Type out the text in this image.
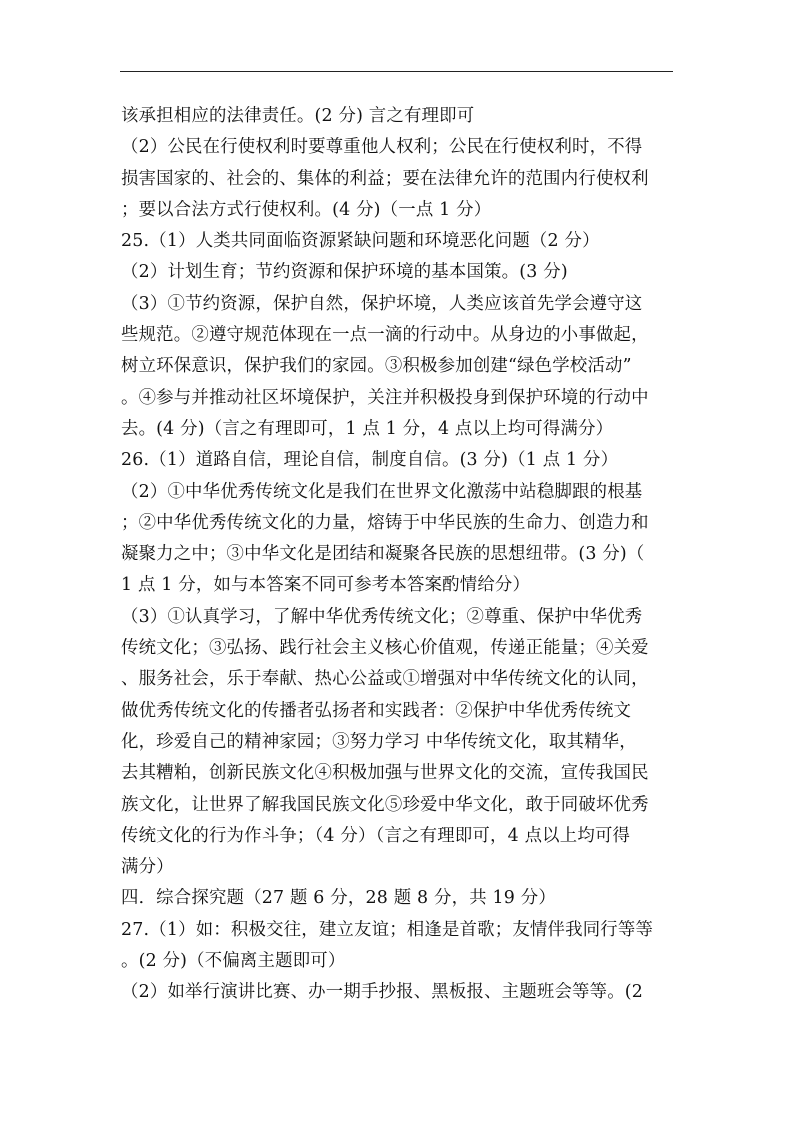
该承担相应的法律责任。(2 分) 言之有理即可
（2）公民在行使权利时要尊重他人权利；公民在行使权利时，不得
损害国家的、社会的、集体的利益；要在法律允许的范围内行使权利
；要以合法方式行使权利。(4 分)（一点 1 分）
25.（1）人类共同面临资源紧缺问题和环境恶化问题（2 分）
（2）计划生育；节约资源和保护环境的基本国策。(3 分)
（3）①节约资源，保护自然，保护坏境，人类应该首先学会遵守这
些规范。②遵守规范体现在一点一滴的行动中。从身边的小事做起，
树立环保意识，保护我们的家园。③积极参加创建“绿色学校活动”
。④参与并推动社区坏境保护，关注并积极投身到保护环境的行动中
去。(4 分)（言之有理即可，1 点 1 分，4 点以上均可得满分）
26.（1）道路自信，理论自信，制度自信。(3 分)（1 点 1 分）
（2）①中华优秀传统文化是我们在世界文化激荡中站稳脚跟的根基
；②中华优秀传统文化的力量，熔铸于中华民族的生命力、创造力和
凝聚力之中；③中华文化是团结和凝聚各民族的思想纽带。(3 分)（
1 点 1 分，如与本答案不同可参考本答案酌情给分）
（3）①认真学习，了解中华优秀传统文化；②尊重、保护中华优秀
传统文化；③弘扬、践行社会主义核心价值观，传递正能量；④关爱
、服务社会，乐于奉献、热心公益或①增强对中华传统文化的认同，
做优秀传统文化的传播者弘扬者和实践者：②保护中华优秀传统文
化，珍爱自己的精神家园；③努力学习 中华传统文化，取其精华，
去其糟粕，创新民族文化④积极加强与世界文化的交流，宣传我国民
族文化，让世界了解我国民族文化⑤珍爱中华文化，敢于同破坏优秀
传统文化的行为作斗争；（4 分）（言之有理即可，4 点以上均可得
满分）
四．综合探究题（27 题 6 分，28 题 8 分，共 19 分）
27.（1）如：积极交往，建立友谊；相逢是首歌；友情伴我同行等等
。(2 分)（不偏离主题即可）
（2）如举行演讲比赛、办一期手抄报、黑板报、主题班会等等。(2
